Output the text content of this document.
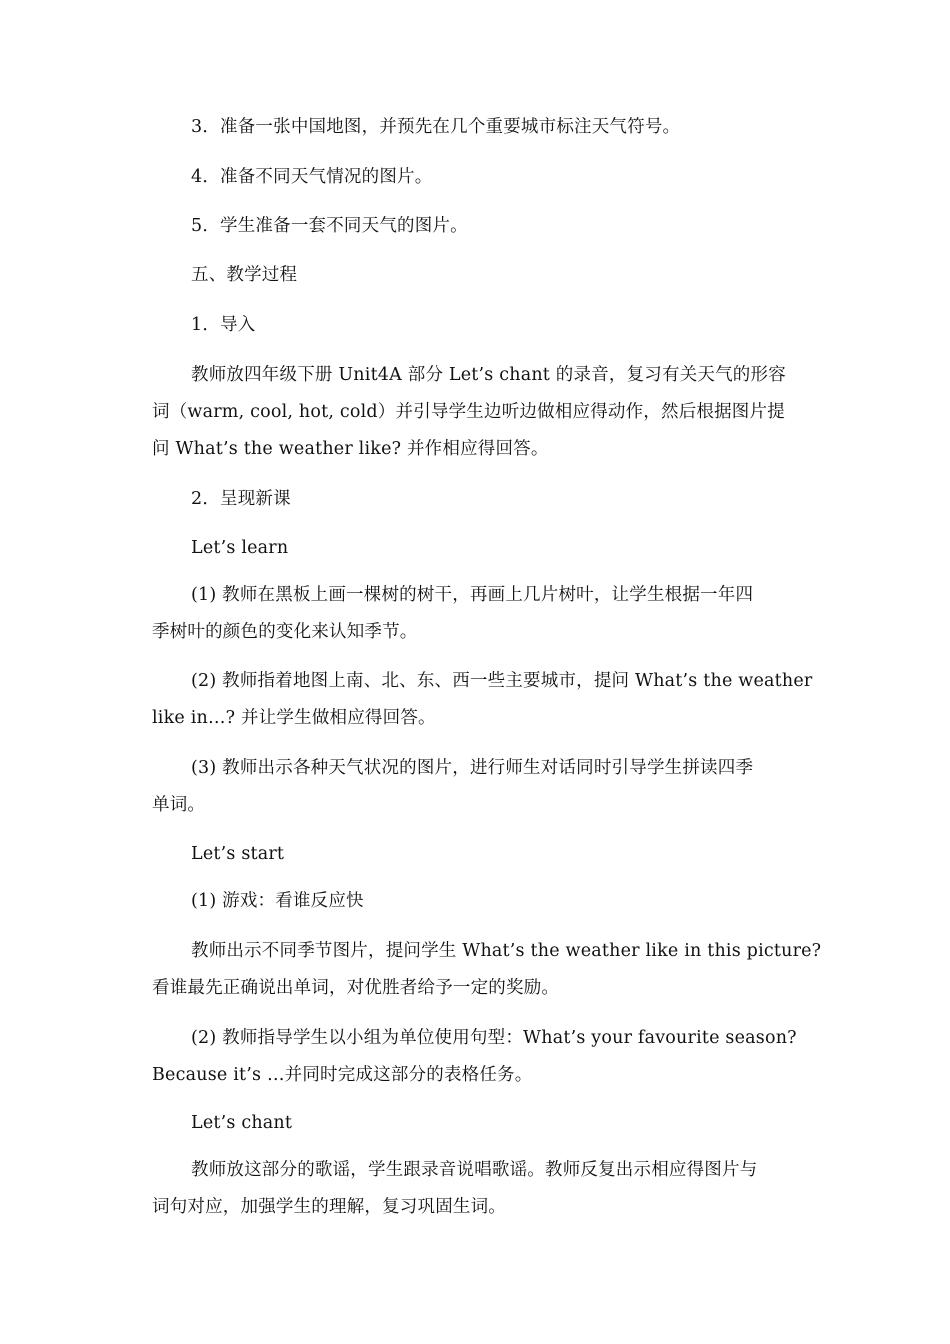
3．准备一张中国地图，并预先在几个重要城市标注天气符号。
4．准备不同天气情况的图片。
5．学生准备一套不同天气的图片。
五、教学过程
1．导入
教师放四年级下册 Unit4A 部分 Let’s chant 的录音，复习有关天气的形容
词（warm, cool, hot, cold）并引导学生边听边做相应得动作，然后根据图片提
问 What’s the weather like? 并作相应得回答。
2．呈现新课
Let’s learn
(1) 教师在黑板上画一棵树的树干，再画上几片树叶，让学生根据一年四
季树叶的颜色的变化来认知季节。
(2) 教师指着地图上南、北、东、西一些主要城市，提问 What’s the weather
like in…? 并让学生做相应得回答。
(3) 教师出示各种天气状况的图片，进行师生对话同时引导学生拼读四季
单词。
Let’s start
(1) 游戏：看谁反应快
教师出示不同季节图片，提问学生 What’s the weather like in this picture?
看谁最先正确说出单词，对优胜者给予一定的奖励。
(2) 教师指导学生以小组为单位使用句型：What’s your favourite season?
Because it’s …并同时完成这部分的表格任务。
Let’s chant
教师放这部分的歌谣，学生跟录音说唱歌谣。教师反复出示相应得图片与
词句对应，加强学生的理解，复习巩固生词。
